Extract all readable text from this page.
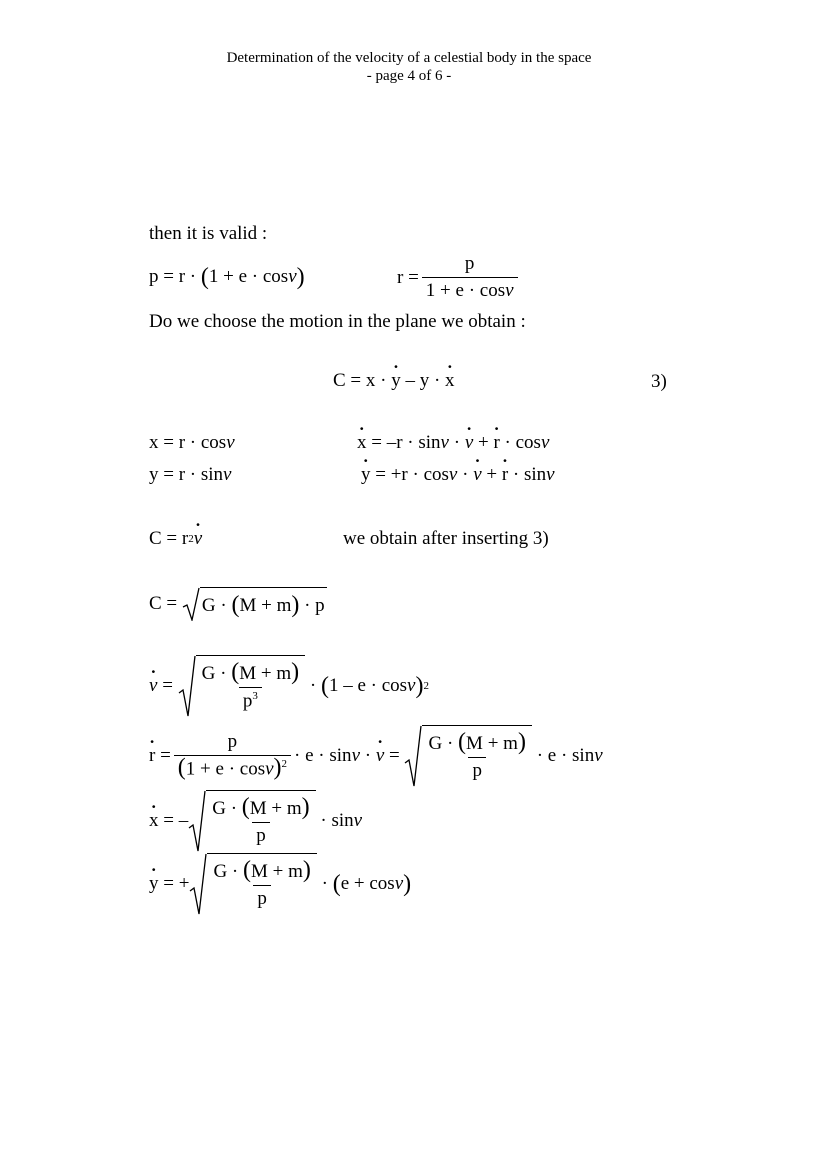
Determination of the velocity of a celestial body in the space
- page 4 of 6 -
then it is valid :
p = r · ( 1 + e · cos ν )	$r = \frac{p}{1 + e \cdot \cos\nu}$
Do we choose the motion in the plane we obtain :
C = x · y · – y · x ·	3)
x = r · cos ν	x · = –r · sin ν · ν · + r · · cos ν
y = r · sin ν	y · = +r · cos ν · ν · + r · · sin ν
C = r 2 ν ·	we obtain after inserting 3)
C = G · ( M + m ) · p
ν · = $\frac{G \cdot (M + m)}{p^3}$ · ( 1 – e · cos ν ) 2
r · = $\frac{p}{(1 + e \cdot \cos\nu)^2} \cdot e \cdot \sin \nu \cdot \nu$ · = $\frac{G \cdot (M + m)}{p} \cdot e \cdot \sin \nu$
x · = – $\frac{G \cdot (M + m)}{p} \cdot \sin \nu$
y · = + $\frac{G \cdot (M + m)}{p}$ · ( e + cos ν )
